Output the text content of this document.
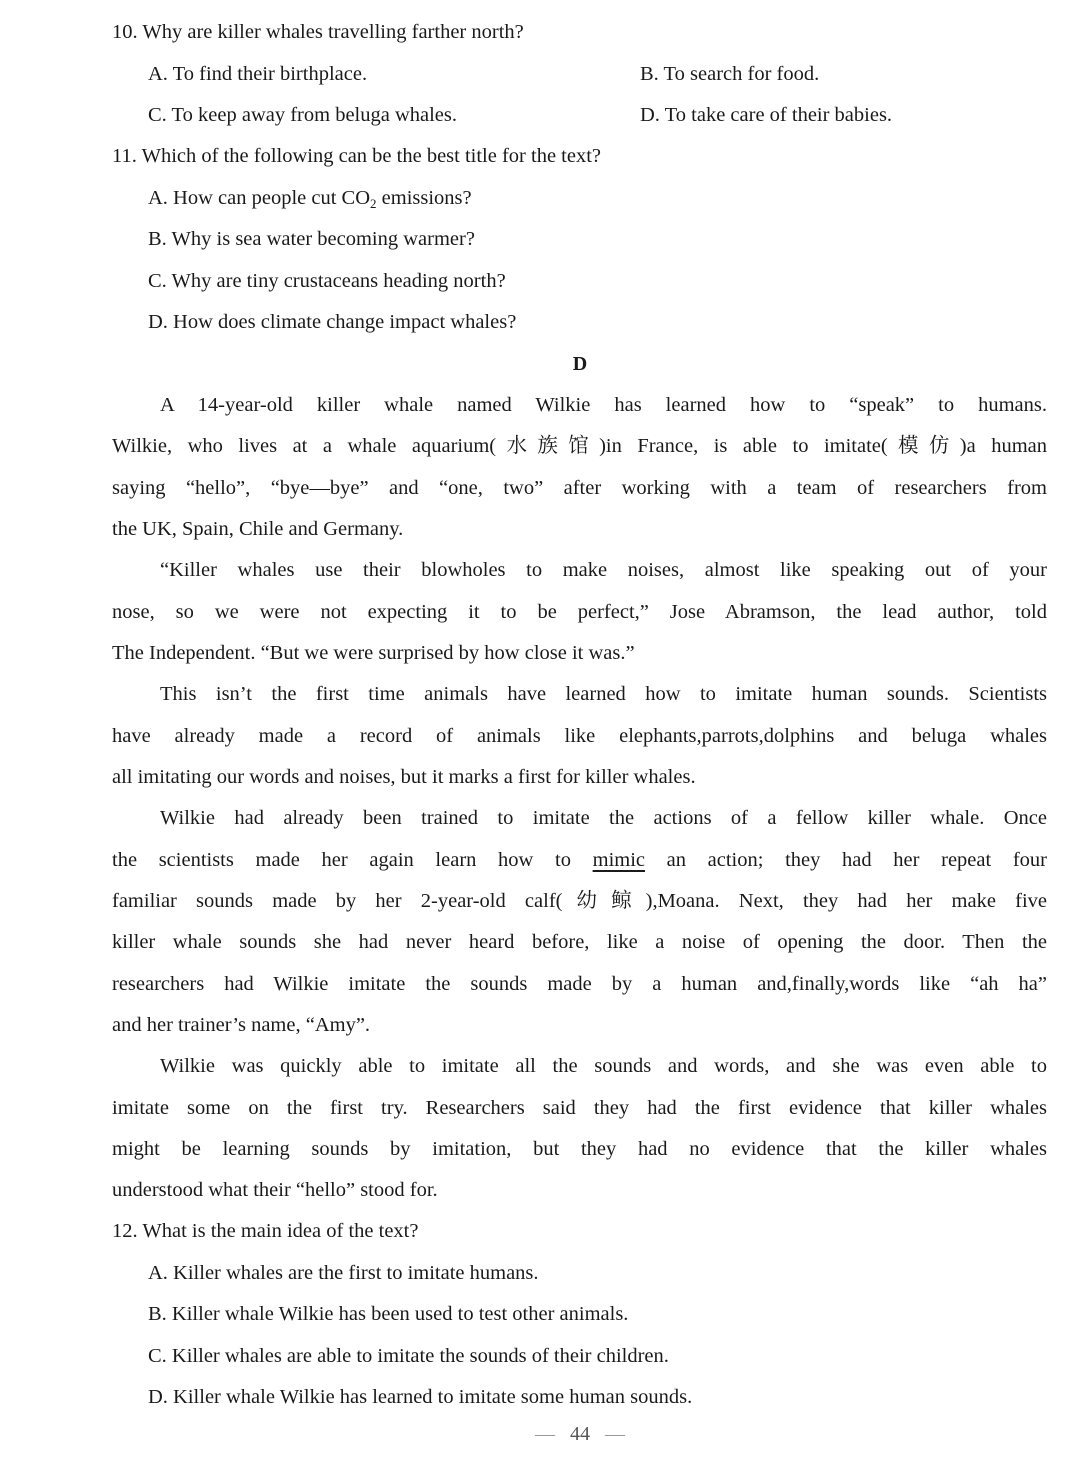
10. Why are killer whales travelling farther north?
A. To find their birthplace.	B. To search for food.
C. To keep away from beluga whales.	D. To take care of their babies.
11. Which of the following can be the best title for the text?
A. How can people cut $CO_2$ emissions?
B. Why is sea water becoming warmer?
C. Why are tiny crustaceans heading north?
D. How does climate change impact whales?
D
A 14-year-old killer whale named Wilkie has learned how to “speak” to humans.
Wilkie, who lives at a whale aquarium(水族馆)in France, is able to imitate(模仿)a human
saying “hello”, “bye—bye” and “one, two” after working with a team of researchers from
the UK, Spain, Chile and Germany.
“Killer whales use their blowholes to make noises, almost like speaking out of your
nose, so we were not expecting it to be perfect,” Jose Abramson, the lead author, told
The Independent. “But we were surprised by how close it was.”
This isn’t the first time animals have learned how to imitate human sounds. Scientists
have already made a record of animals like elephants,parrots,dolphins and beluga whales
all imitating our words and noises, but it marks a first for killer whales.
Wilkie had already been trained to imitate the actions of a fellow killer whale. Once
the scientists made her again learn how to mimic an action; they had her repeat four
familiar sounds made by her 2-year-old calf(幼鲸),Moana. Next, they had her make five
killer whale sounds she had never heard before, like a noise of opening the door. Then the
researchers had Wilkie imitate the sounds made by a human and,finally,words like “ah ha”
and her trainer’s name, “Amy”.
Wilkie was quickly able to imitate all the sounds and words, and she was even able to
imitate some on the first try. Researchers said they had the first evidence that killer whales
might be learning sounds by imitation, but they had no evidence that the killer whales
understood what their “hello” stood for.
12. What is the main idea of the text?
A. Killer whales are the first to imitate humans.
B. Killer whale Wilkie has been used to test other animals.
C. Killer whales are able to imitate the sounds of their children.
D. Killer whale Wilkie has learned to imitate some human sounds.
— 44 —
